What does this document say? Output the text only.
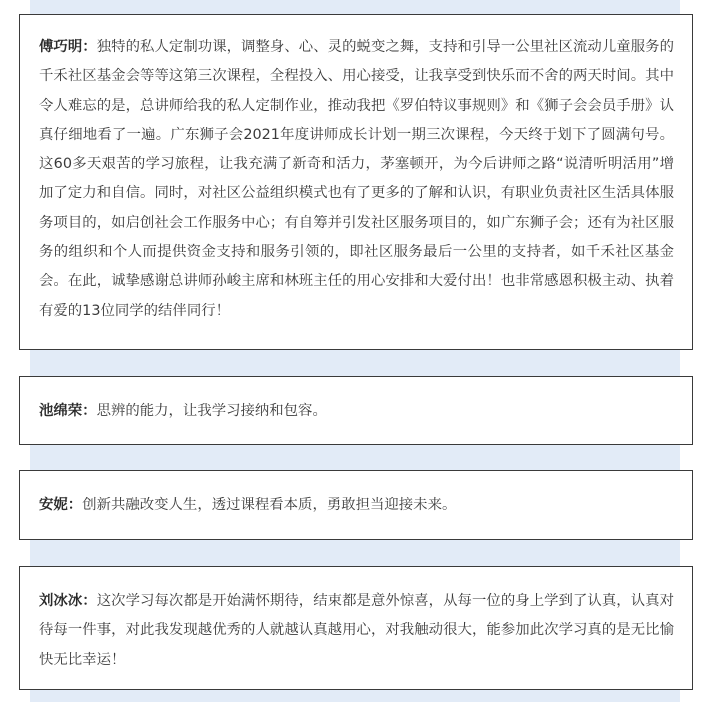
傅巧明：独特的私人定制功课，调整身、心、灵的蜕变之舞，支持和引导一公里社区流动儿童服务的千禾社区基金会等等这第三次课程，全程投入、用心接受，让我享受到快乐而不舍的两天时间。其中令人难忘的是，总讲师给我的私人定制作业，推动我把《罗伯特议事规则》和《狮子会会员手册》认真仔细地看了一遍。广东狮子会2021年度讲师成长计划一期三次课程，今天终于划下了圆满句号。这60多天艰苦的学习旅程，让我充满了新奇和活力，茅塞顿开，为今后讲师之路“说清听明活用”增加了定力和自信。同时，对社区公益组织模式也有了更多的了解和认识，有职业负责社区生活具体服务项目的，如启创社会工作服务中心；有自筹并引发社区服务项目的，如广东狮子会；还有为社区服务的组织和个人而提供资金支持和服务引领的，即社区服务最后一公里的支持者，如千禾社区基金会。在此，诚挚感谢总讲师孙峻主席和林班主任的用心安排和大爱付出！也非常感恩积极主动、执着有爱的13位同学的结伴同行！

池绵荣：思辨的能力，让我学习接纳和包容。

安妮：创新共融改变人生，透过课程看本质，勇敢担当迎接未来。

刘冰冰：这次学习每次都是开始满怀期待，结束都是意外惊喜，从每一位的身上学到了认真，认真对待每一件事，对此我发现越优秀的人就越认真越用心，对我触动很大，能参加此次学习真的是无比愉快无比幸运！
